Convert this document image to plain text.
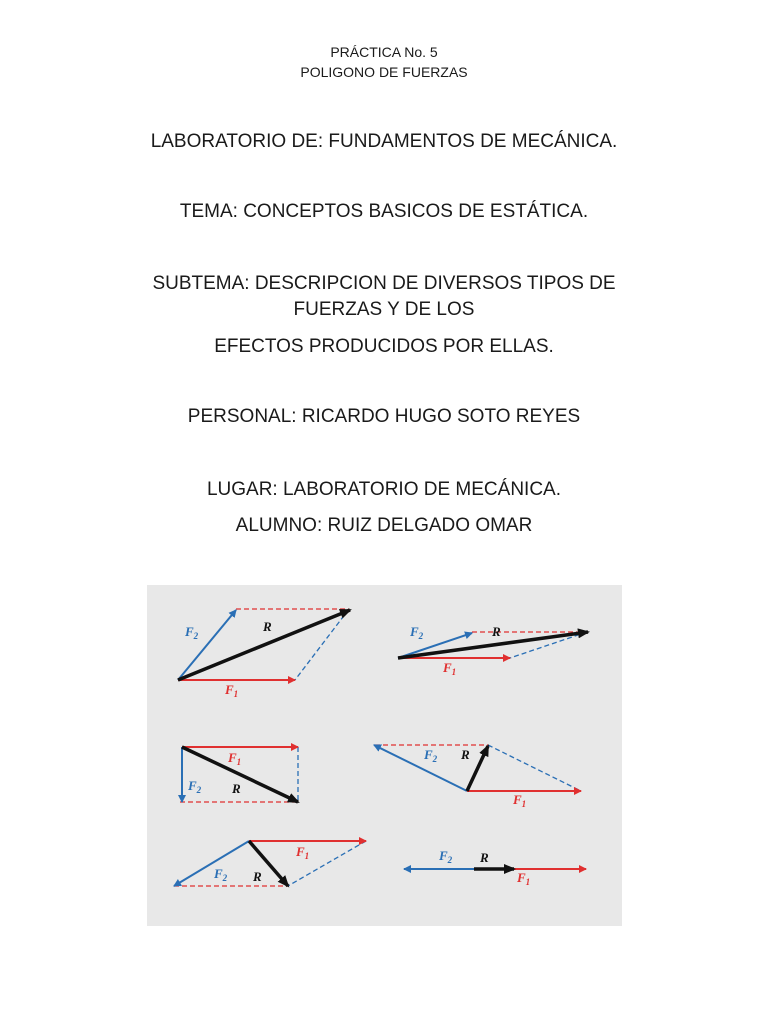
PRÁCTICA No. 5
POLIGONO DE FUERZAS
LABORATORIO DE: FUNDAMENTOS DE MECÁNICA.
TEMA: CONCEPTOS BASICOS DE ESTÁTICA.
SUBTEMA: DESCRIPCION DE DIVERSOS TIPOS DE
FUERZAS Y DE LOS
EFECTOS PRODUCIDOS POR ELLAS.
PERSONAL: RICARDO HUGO SOTO REYES
LUGAR: LABORATORIO DE MECÁNICA.
ALUMNO: RUIZ DELGADO OMAR
$F_2$
R
$F_1$
$F_2$	R
$F_1$
$F_1$
$F_2$ R
$F_2$ R
$F_1$
$F_1$
$F_2$ R
$F_2$ R
$F_1$
